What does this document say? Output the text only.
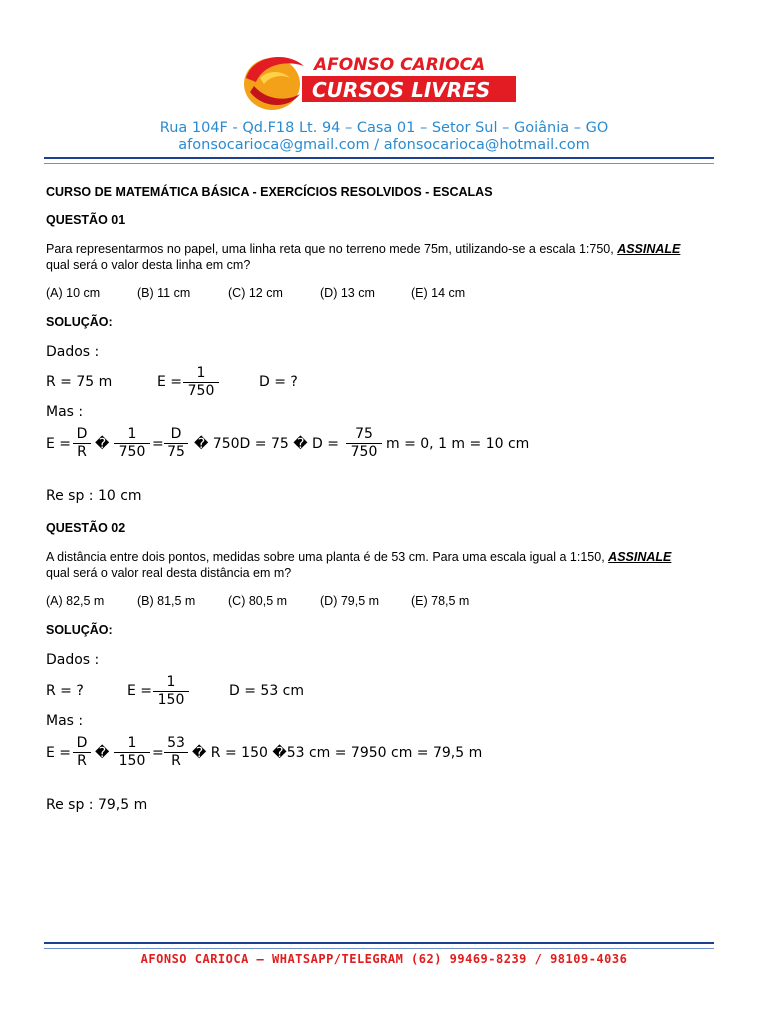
AFONSO CARIOCA
CURSOS LIVRES
Rua 104F - Qd.F18 Lt. 94 – Casa 01 – Setor Sul – Goiânia – GO
afonsocarioca@gmail.com / afonsocarioca@hotmail.com
CURSO DE MATEMÁTICA BÁSICA - EXERCÍCIOS RESOLVIDOS - ESCALAS
QUESTÃO 01
Para representarmos no papel, uma linha reta que no terreno mede 75m, utilizando-se a escala 1:750, ASSINALE
qual será o valor desta linha em cm?
(A) 10 cm	(B) 11 cm	(C) 12 cm	(D) 13 cm	(E) 14 cm
SOLUÇÃO:
Dados :
R = 75 m	$E = \frac{1}{750}$	D = ?
Mas :
$E = \frac{D}{R}$ � $\frac{1}{750} = \frac{D}{75}$ � 750D = 75 � $D = \frac{75}{750}$ m = 0, 1 m = 10 cm
Re sp : 10 cm
QUESTÃO 02
A distância entre dois pontos, medidas sobre uma planta é de 53 cm. Para uma escala igual a 1:150, ASSINALE
qual será o valor real desta distância em m?
(A) 82,5 m	(B) 81,5 m	(C) 80,5 m	(D) 79,5 m	(E) 78,5 m
SOLUÇÃO:
Dados :
R = ?	$E = \frac{1}{150}$	D = 53 cm
Mas :
$E = \frac{D}{R}$ � $\frac{1}{150} = \frac{53}{R}$ � R = 150 �53 cm = 7950 cm = 79,5 m
Re sp : 79,5 m
AFONSO CARIOCA – WHATSAPP/TELEGRAM (62) 99469-8239 / 98109-4036
